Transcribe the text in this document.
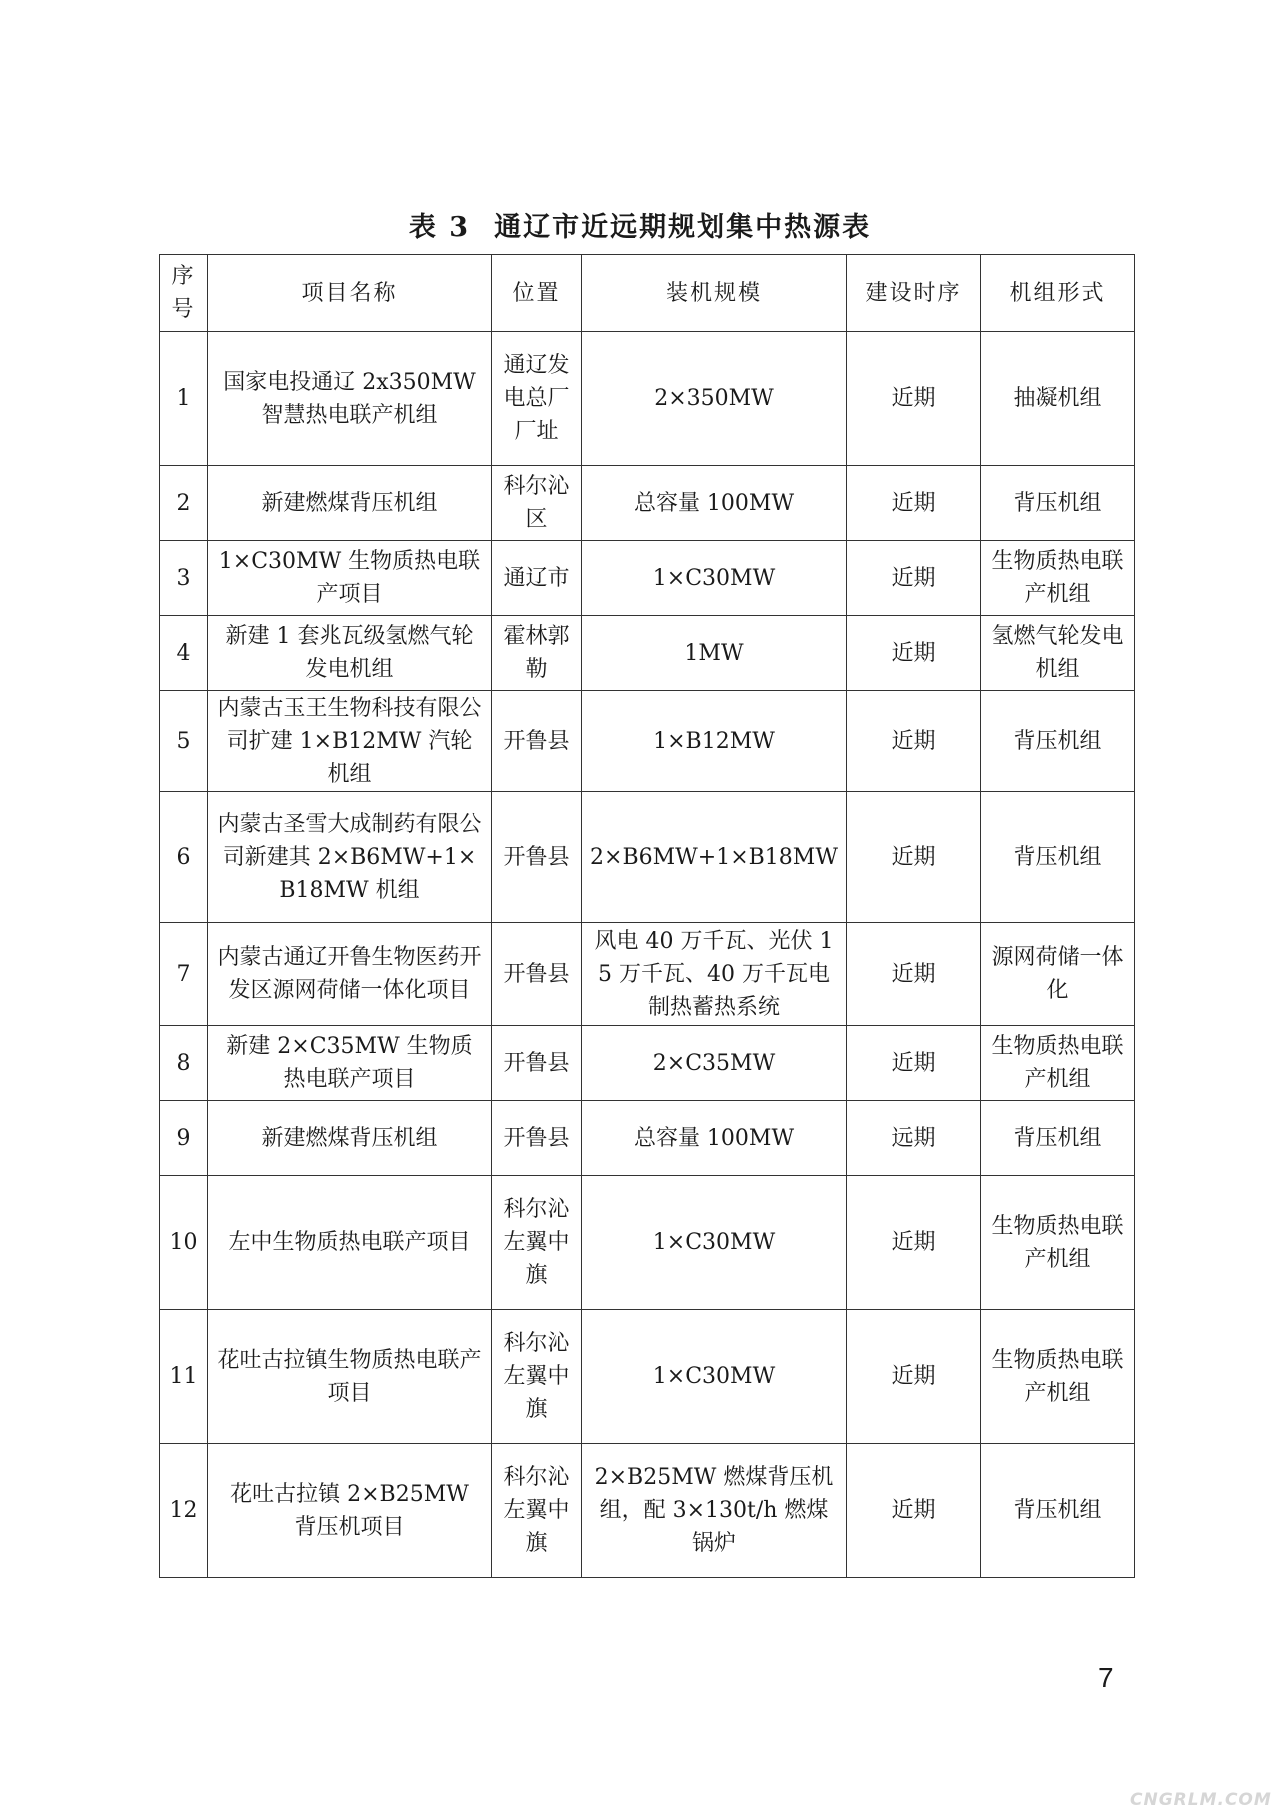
表 3 通辽市近远期规划集中热源表
序号	项目名称	位置	装机规模	建设时序	机组形式
1	国家电投通辽 2x350MW 智慧热电联产机组	通辽发电总厂厂址	2×350MW	近期	抽凝机组
2	新建燃煤背压机组	科尔沁区	总容量 100MW	近期	背压机组
3	1×C30MW 生物质热电联产项目	通辽市	1×C30MW	近期	生物质热电联产机组
4	新建 1 套兆瓦级氢燃气轮发电机组	霍林郭勒	1MW	近期	氢燃气轮发电机组
5	内蒙古玉王生物科技有限公司扩建 1×B12MW 汽轮机组	开鲁县	1×B12MW	近期	背压机组
6	内蒙古圣雪大成制药有限公司新建其 2×B6MW+1×B18MW 机组	开鲁县	2×B6MW+1×B18MW	近期	背压机组
7	内蒙古通辽开鲁生物医药开发区源网荷储一体化项目	开鲁县	风电 40 万千瓦、光伏 15 万千瓦、40 万千瓦电制热蓄热系统	近期	源网荷储一体化
8	新建 2×C35MW 生物质热电联产项目	开鲁县	2×C35MW	近期	生物质热电联产机组
9	新建燃煤背压机组	开鲁县	总容量 100MW	远期	背压机组
10	左中生物质热电联产项目	科尔沁左翼中旗	1×C30MW	近期	生物质热电联产机组
11	花吐古拉镇生物质热电联产项目	科尔沁左翼中旗	1×C30MW	近期	生物质热电联产机组
12	花吐古拉镇 2×B25MW 背压机项目	科尔沁左翼中旗	2×B25MW 燃煤背压机组，配 3×130t/h 燃煤锅炉	近期	背压机组
7
CNGRLM.COM
